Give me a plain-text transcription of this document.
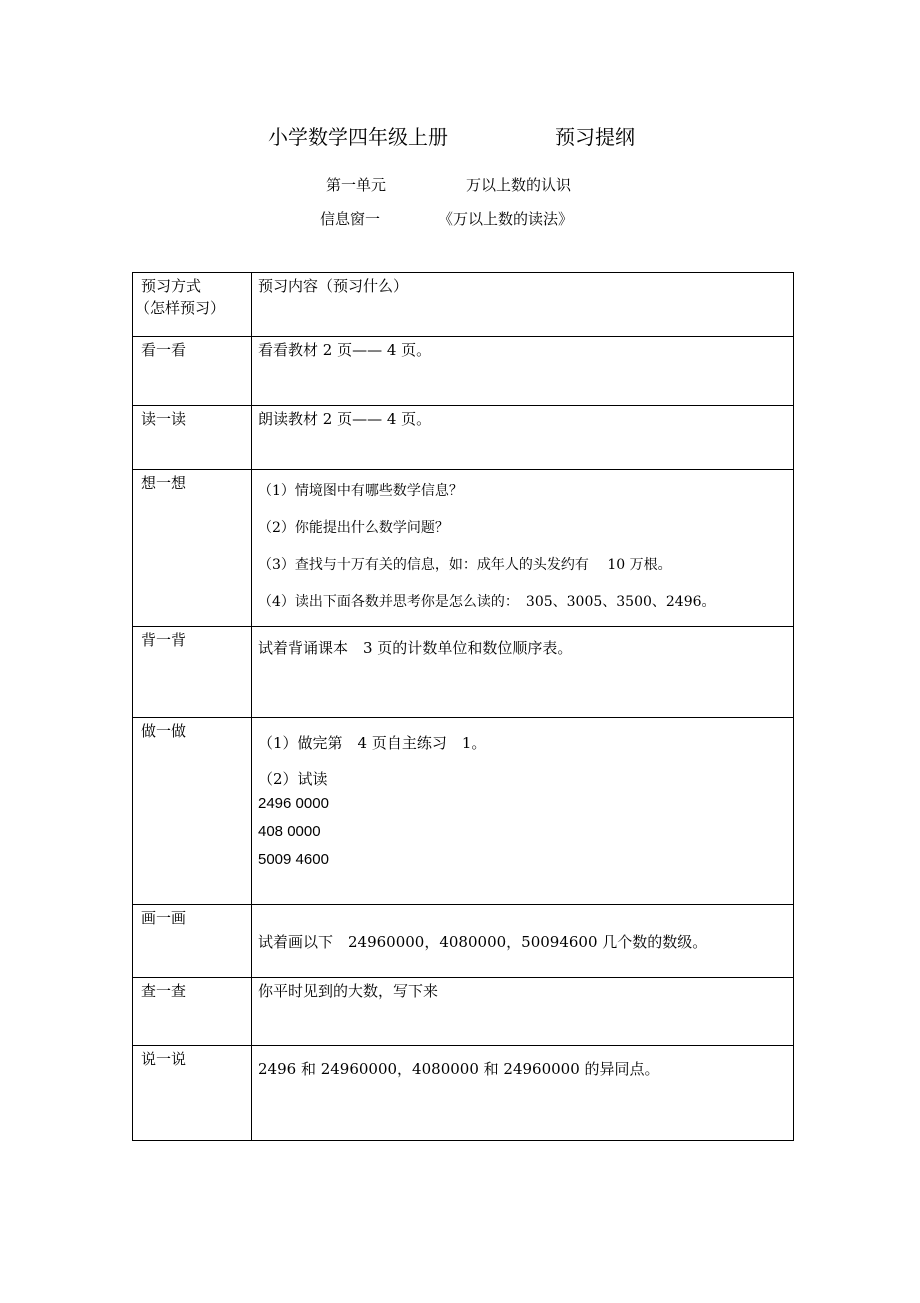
小学数学四年级上册	预习提纲
第一单元	万以上数的认识
信息窗一	《万以上数的读法》
预习方式
（怎样预习）	预习内容（预习什么）

看一看	看看教材 2 页—— 4 页。

读一读	朗读教材 2 页—— 4 页。

想一想	（1）情境图中有哪些数学信息？
（2）你能提出什么数学问题？
（3）查找与十万有关的信息，如：成年人的头发约有　 10 万根。
（4）读出下面各数并思考你是怎么读的：　305、3005、3500、2496。

背一背	试着背诵课本　3 页的计数单位和数位顺序表。

做一做	（1）做完第　4 页自主练习　1。
（2）试读
2496 0000
408 0000
5009 4600

画一画	试着画以下　24960000，4080000，50094600 几个数的数级。

查一查	你平时见到的大数，写下来

说一说	2496 和 24960000，4080000 和 24960000 的异同点。
